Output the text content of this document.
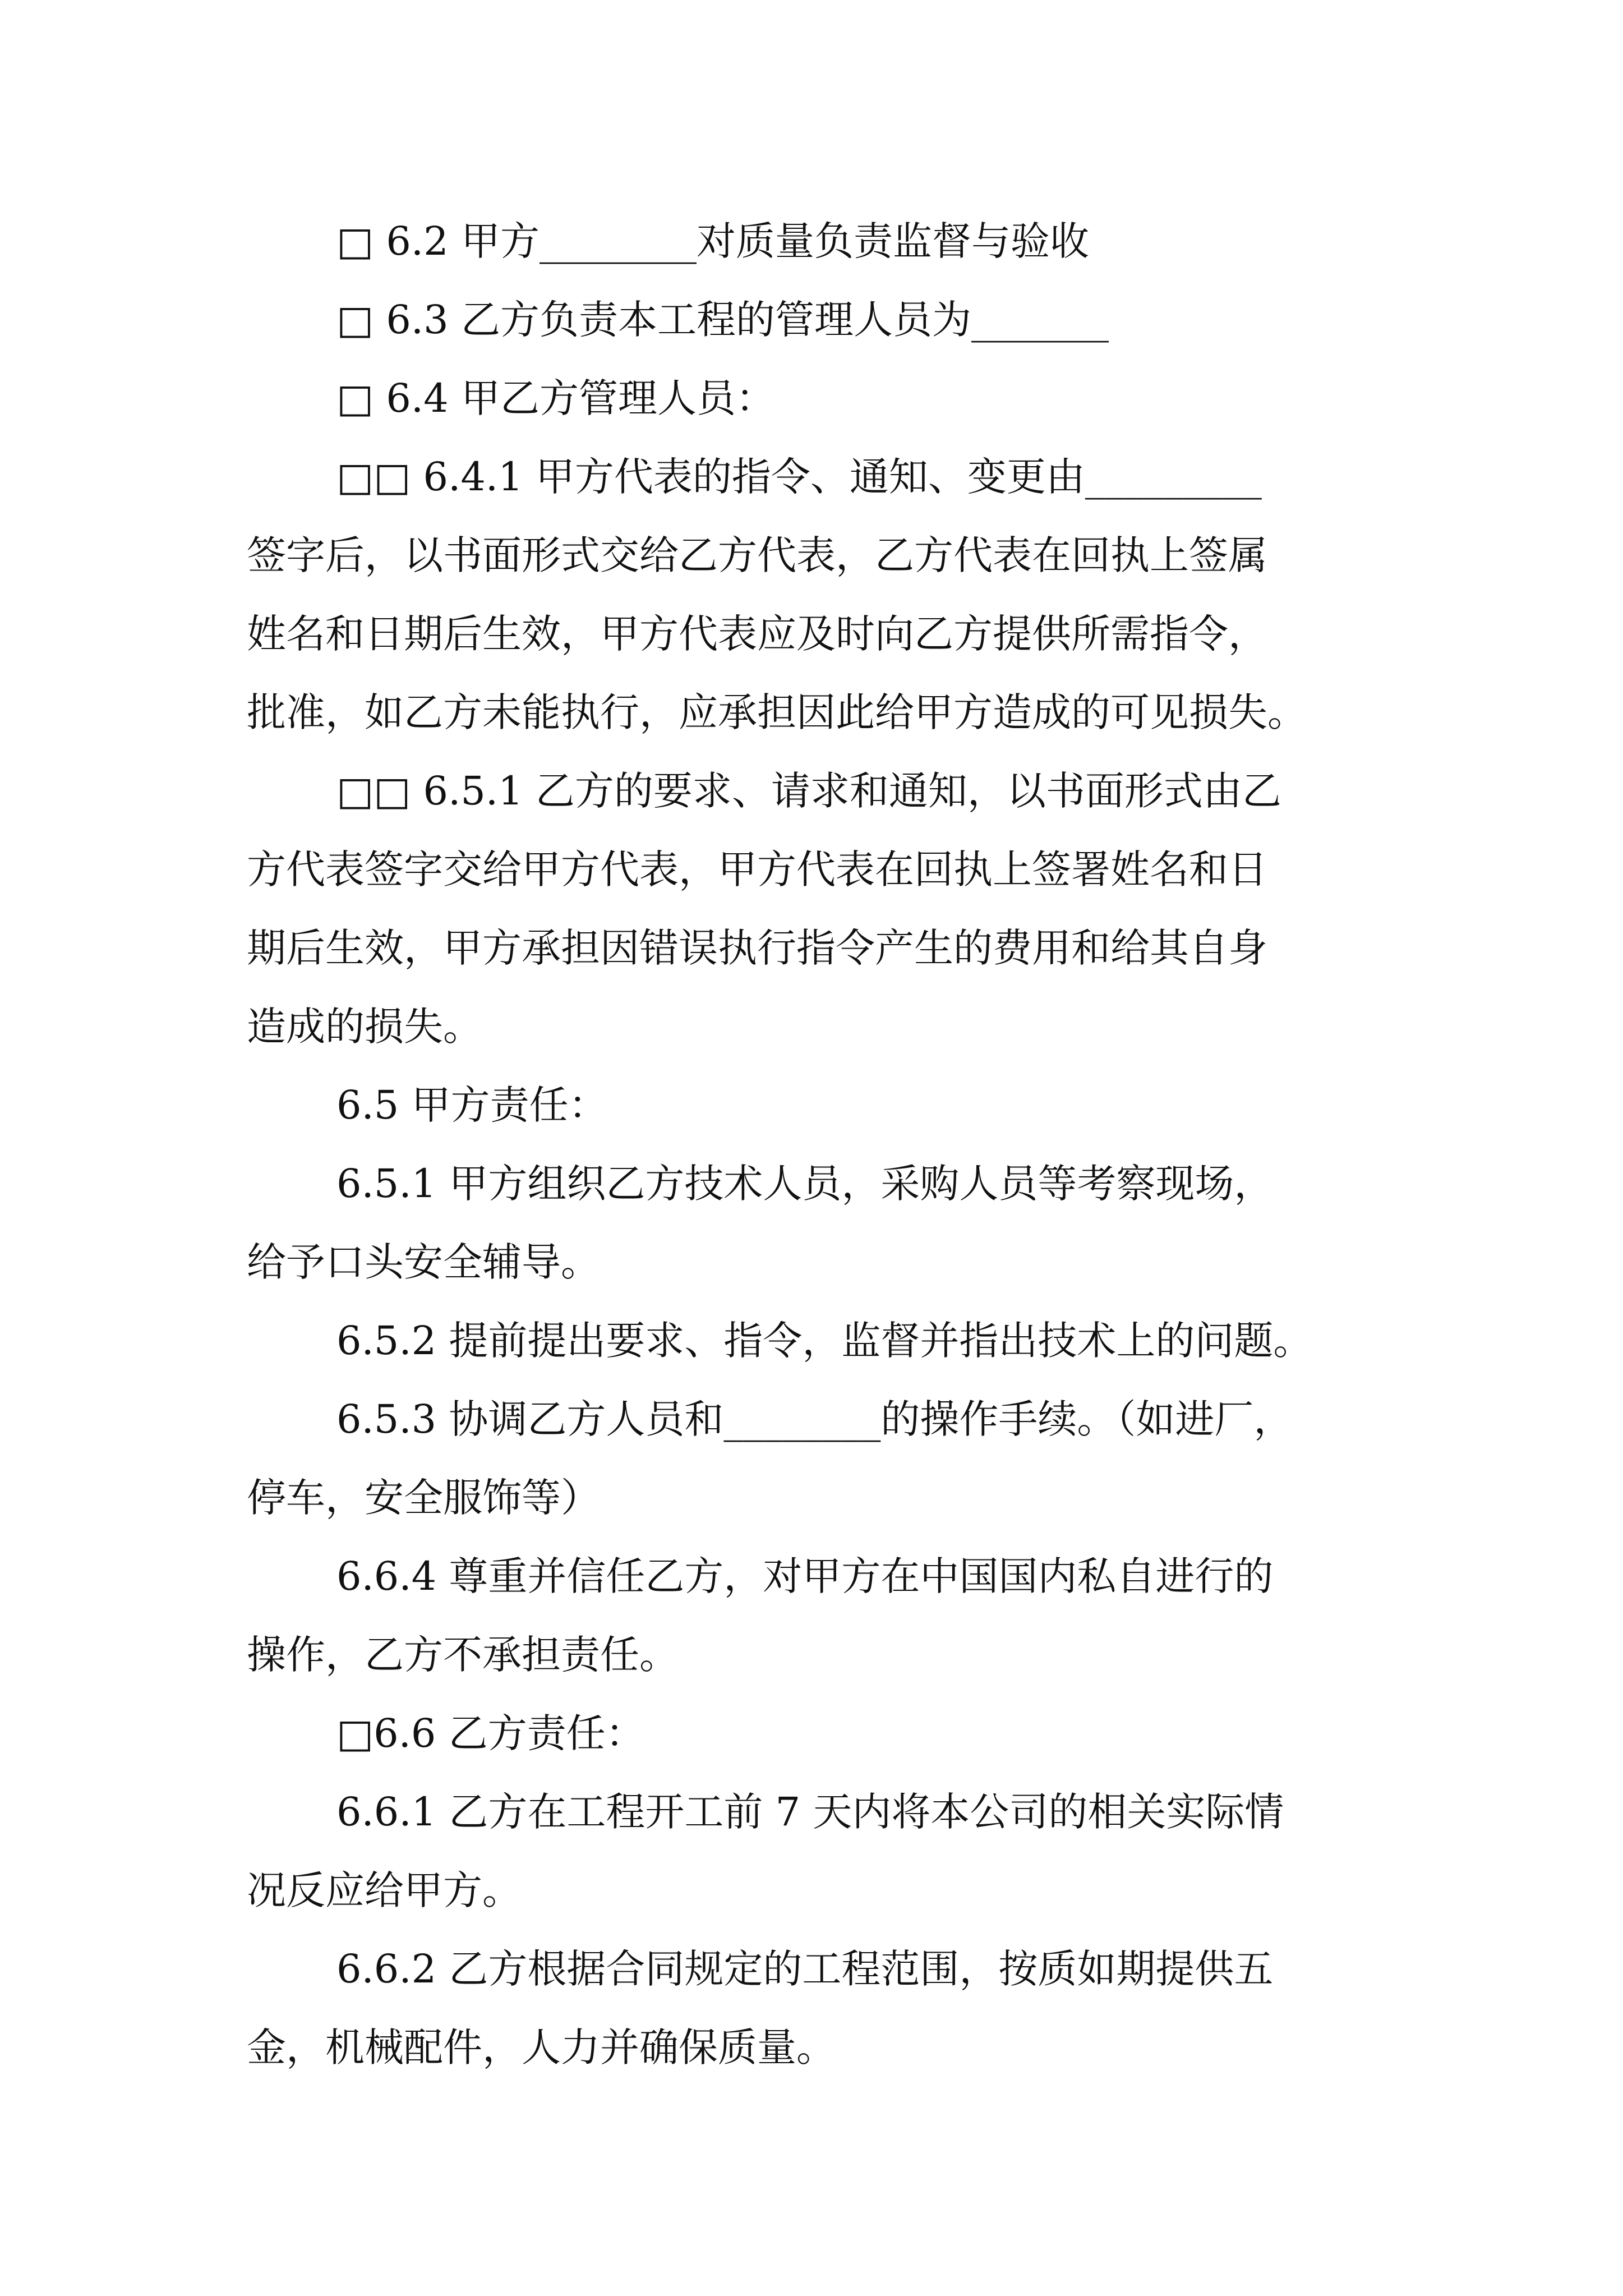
□ 6.2 甲方________对质量负责监督与验收
□ 6.3 乙方负责本工程的管理人员为_______
□ 6.4 甲乙方管理人员：
□□ 6.4.1 甲方代表的指令、通知、变更由_________
签字后，以书面形式交给乙方代表，乙方代表在回执上签属
姓名和日期后生效，甲方代表应及时向乙方提供所需指令，
批准，如乙方未能执行，应承担因此给甲方造成的可见损失。
□□ 6.5.1 乙方的要求、请求和通知，以书面形式由乙
方代表签字交给甲方代表，甲方代表在回执上签署姓名和日
期后生效，甲方承担因错误执行指令产生的费用和给其自身
造成的损失。
6.5 甲方责任：
6.5.1 甲方组织乙方技术人员，采购人员等考察现场，
给予口头安全辅导。
6.5.2 提前提出要求、指令，监督并指出技术上的问题。
6.5.3 协调乙方人员和________的操作手续。（如进厂，
停车，安全服饰等）
6.6.4 尊重并信任乙方，对甲方在中国国内私自进行的
操作，乙方不承担责任。
□6.6 乙方责任：
6.6.1 乙方在工程开工前 7 天内将本公司的相关实际情
况反应给甲方。
6.6.2 乙方根据合同规定的工程范围，按质如期提供五
金，机械配件，人力并确保质量。
